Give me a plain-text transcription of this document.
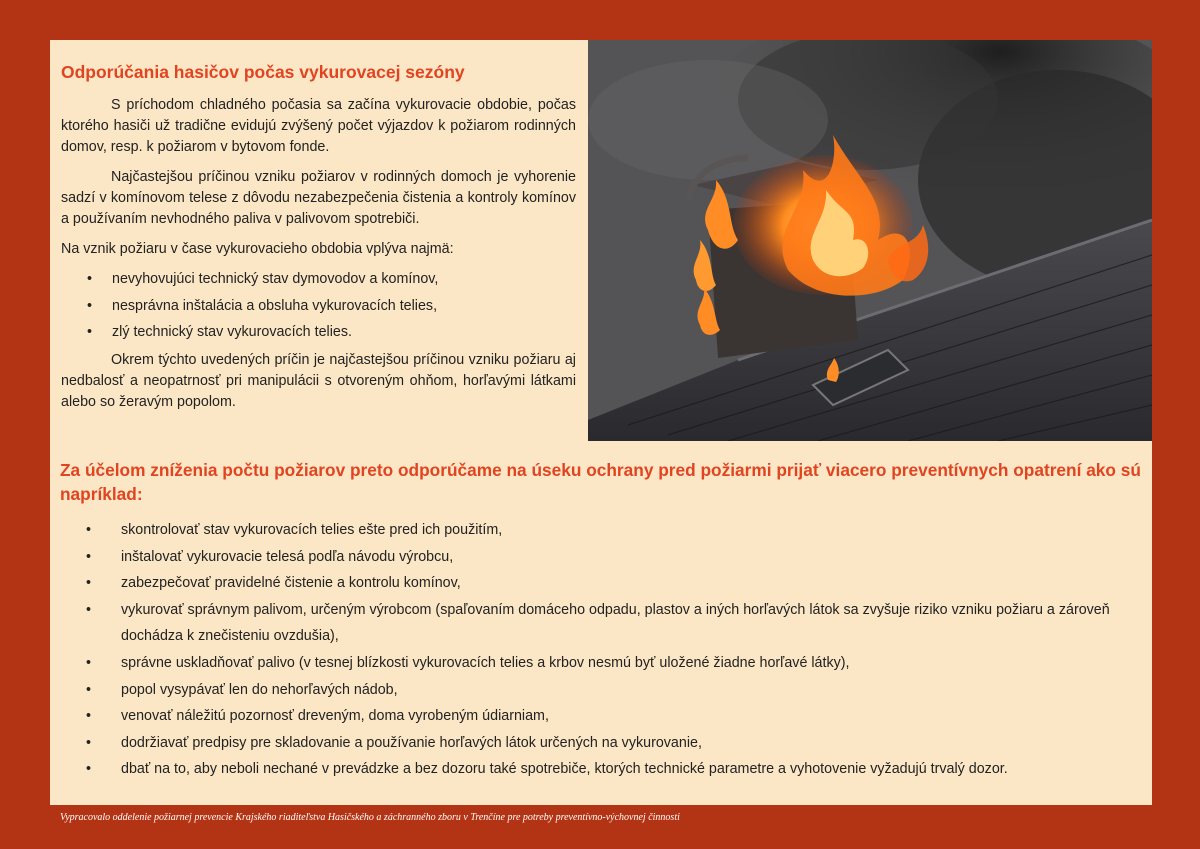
Odporúčania hasičov počas vykurovacej sezóny

S príchodom chladného počasia sa začína vykurovacie obdobie, počas ktorého hasiči už tradične evidujú zvýšený počet výjazdov k požiarom rodinných domov, resp. k požiarom v bytovom fonde.

Najčastejšou príčinou vzniku požiarov v rodinných domoch je vyhorenie sadzí v komínovom telese z dôvodu nezabezpečenia čistenia a kontroly komínov a používaním nevhodného paliva v palivovom spotrebiči.

Na vznik požiaru v čase vykurovacieho obdobia vplýva najmä:

• nevyhovujúci technický stav dymovodov a komínov,
• nesprávna inštalácia a obsluha vykurovacích telies,
• zlý technický stav vykurovacích telies.

Okrem týchto uvedených príčin je najčastejšou príčinou vzniku požiaru aj nedbalosť a neopatrnosť pri manipulácii s otvoreným ohňom, horľavými látkami alebo so žeravým popolom.

Za účelom zníženia počtu požiarov preto odporúčame na úseku ochrany pred požiarmi prijať viacero preventívnych opatrení ako sú napríklad:
• skontrolovať stav vykurovacích telies ešte pred ich použitím,
• inštalovať vykurovacie telesá podľa návodu výrobcu,
• zabezpečovať pravidelné čistenie a kontrolu komínov,
• vykurovať správnym palivom, určeným výrobcom (spaľovaním domáceho odpadu, plastov a iných horľavých látok sa zvyšuje riziko vzniku požiaru a zároveň dochádza k znečisteniu ovzdušia),
• správne uskladňovať palivo (v tesnej blízkosti vykurovacích telies a krbov nesmú byť uložené žiadne horľavé látky),
• popol vysypávať len do nehorľavých nádob,
• venovať náležitú pozornosť dreveným, doma vyrobeným údiarniam,
• dodržiavať predpisy pre skladovanie a používanie horľavých látok určených na vykurovanie,
• dbať na to, aby neboli nechané v prevádzke a bez dozoru také spotrebiče, ktorých technické parametre a vyhotovenie vyžadujú trvalý dozor.

Vypracovalo oddelenie požiarnej prevencie Krajského riaditeľstva Hasičského a záchranného zboru v Trenčíne pre potreby preventívno-výchovnej činnosti
